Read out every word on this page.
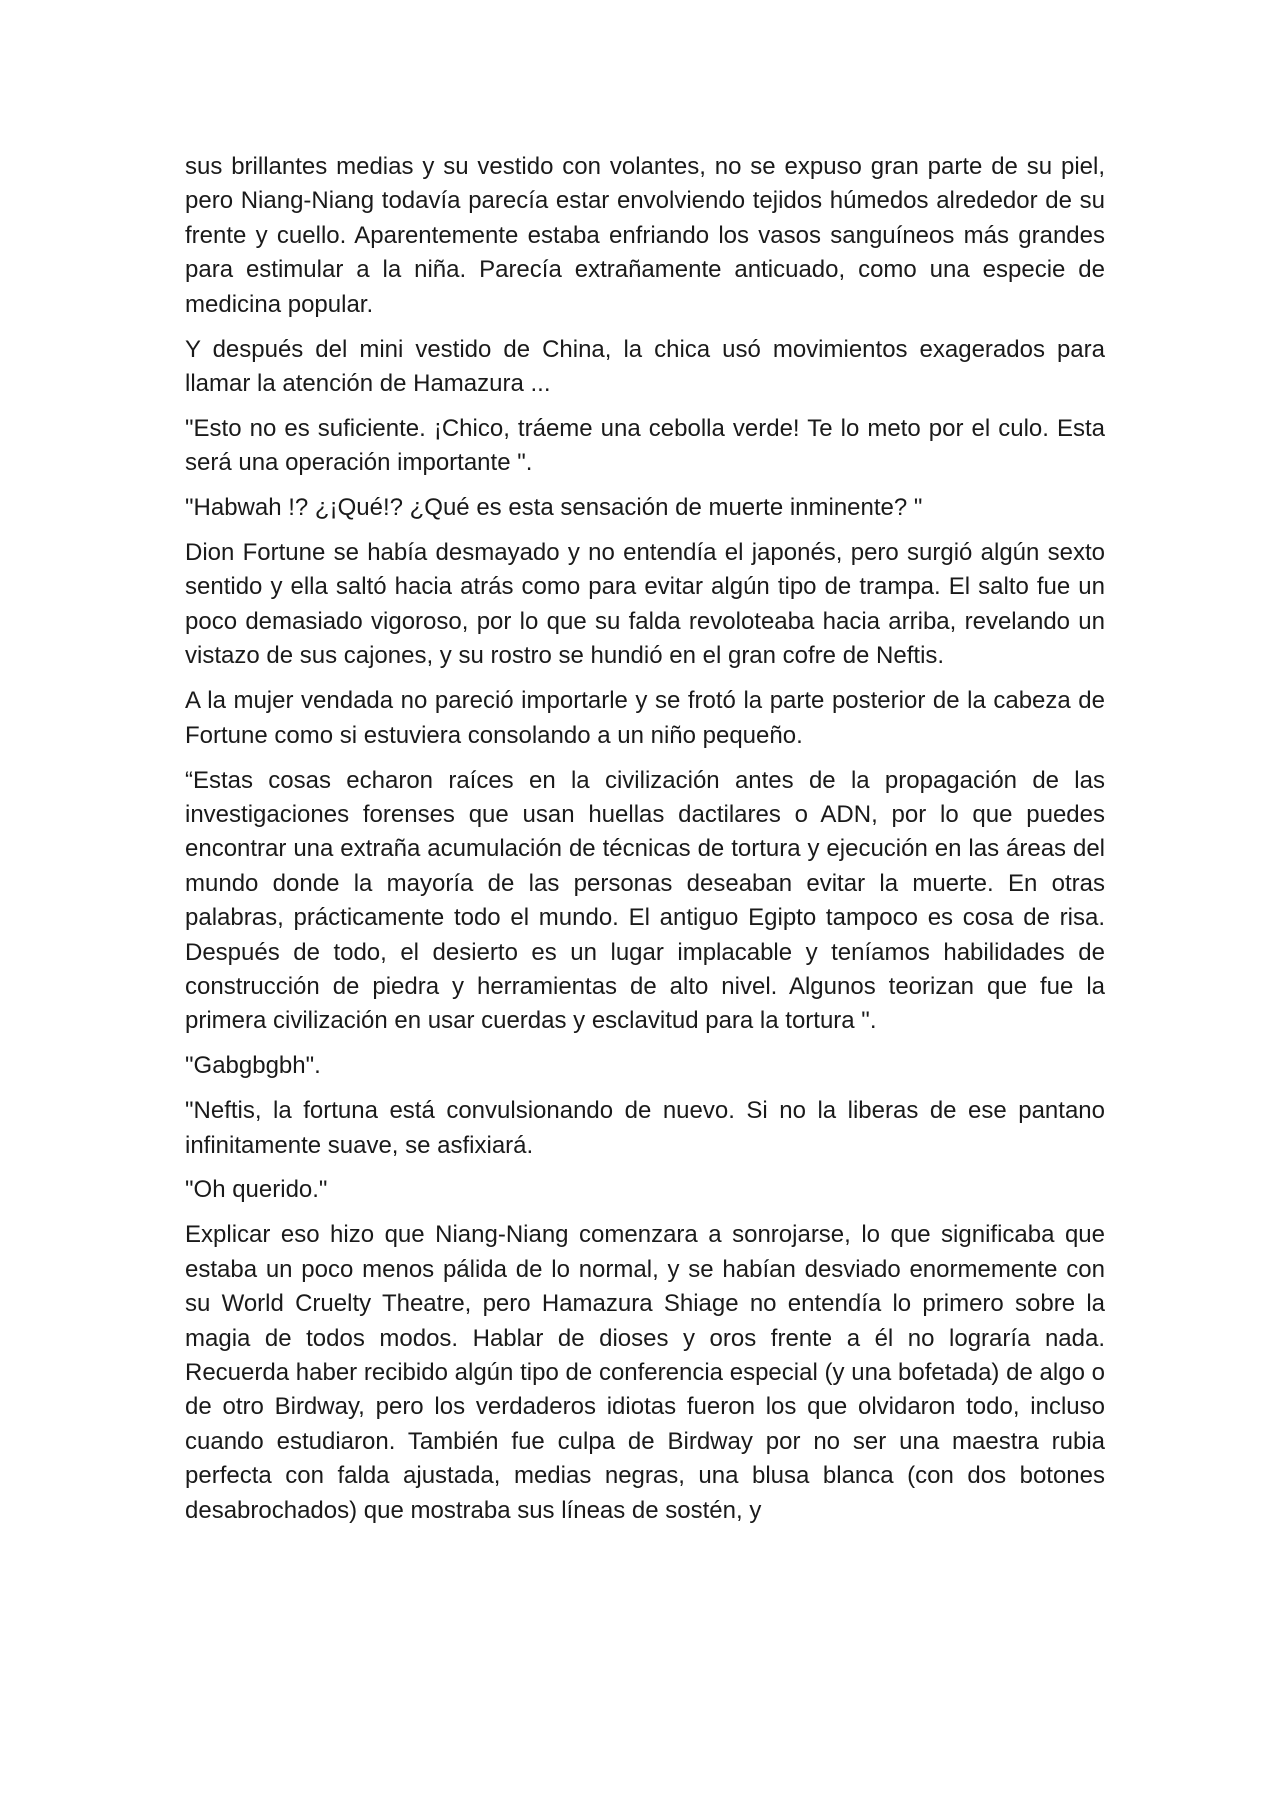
sus brillantes medias y su vestido con volantes, no se expuso gran parte de su piel, pero Niang-Niang todavía parecía estar envolviendo tejidos húmedos alrededor de su frente y cuello. Aparentemente estaba enfriando los vasos sanguíneos más grandes para estimular a la niña. Parecía extrañamente anticuado, como una especie de medicina popular.

Y después del mini vestido de China, la chica usó movimientos exagerados para llamar la atención de Hamazura ...

"Esto no es suficiente. ¡Chico, tráeme una cebolla verde! Te lo meto por el culo. Esta será una operación importante ".

"Habwah !? ¿¡Qué!? ¿Qué es esta sensación de muerte inminente? "

Dion Fortune se había desmayado y no entendía el japonés, pero surgió algún sexto sentido y ella saltó hacia atrás como para evitar algún tipo de trampa. El salto fue un poco demasiado vigoroso, por lo que su falda revoloteaba hacia arriba, revelando un vistazo de sus cajones, y su rostro se hundió en el gran cofre de Neftis.

A la mujer vendada no pareció importarle y se frotó la parte posterior de la cabeza de Fortune como si estuviera consolando a un niño pequeño.

“Estas cosas echaron raíces en la civilización antes de la propagación de las investigaciones forenses que usan huellas dactilares o ADN, por lo que puedes encontrar una extraña acumulación de técnicas de tortura y ejecución en las áreas del mundo donde la mayoría de las personas deseaban evitar la muerte. En otras palabras, prácticamente todo el mundo. El antiguo Egipto tampoco es cosa de risa. Después de todo, el desierto es un lugar implacable y teníamos habilidades de construcción de piedra y herramientas de alto nivel. Algunos teorizan que fue la primera civilización en usar cuerdas y esclavitud para la tortura ".

"Gabgbgbh".

"Neftis, la fortuna está convulsionando de nuevo. Si no la liberas de ese pantano infinitamente suave, se asfixiará.

"Oh querido."

Explicar eso hizo que Niang-Niang comenzara a sonrojarse, lo que significaba que estaba un poco menos pálida de lo normal, y se habían desviado enormemente con su World Cruelty Theatre, pero Hamazura Shiage no entendía lo primero sobre la magia de todos modos. Hablar de dioses y oros frente a él no lograría nada. Recuerda haber recibido algún tipo de conferencia especial (y una bofetada) de algo o de otro Birdway, pero los verdaderos idiotas fueron los que olvidaron todo, incluso cuando estudiaron. También fue culpa de Birdway por no ser una maestra rubia perfecta con falda ajustada, medias negras, una blusa blanca (con dos botones desabrochados) que mostraba sus líneas de sostén, y
